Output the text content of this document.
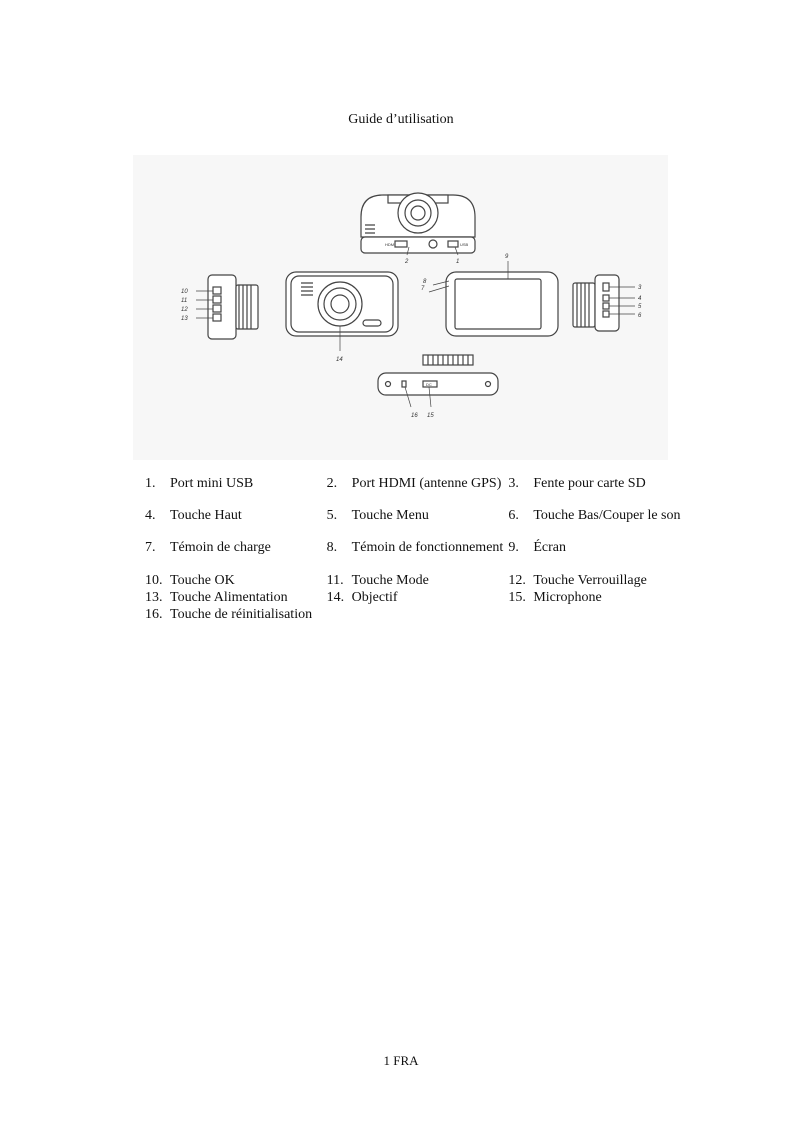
Guide d’utilisation
2	1
9
8
7	3
4
5
6
10
11
12
13
14
16 15
HDMI	USB
DC
1.	Port mini USB	2.	Port HDMI (antenne GPS) 3.	Fente pour carte SD
4.	Touche Haut	5.	Touche Menu	6.	Touche Bas/Couper le son
7.	Témoin de charge	8.	Témoin de fonctionnement 9.	Écran
10. Touche OK	11. Touche Mode	12. Touche Verrouillage
13. Touche Alimentation	14. Objectif	15. Microphone
16. Touche de réinitialisation
1 FRA
